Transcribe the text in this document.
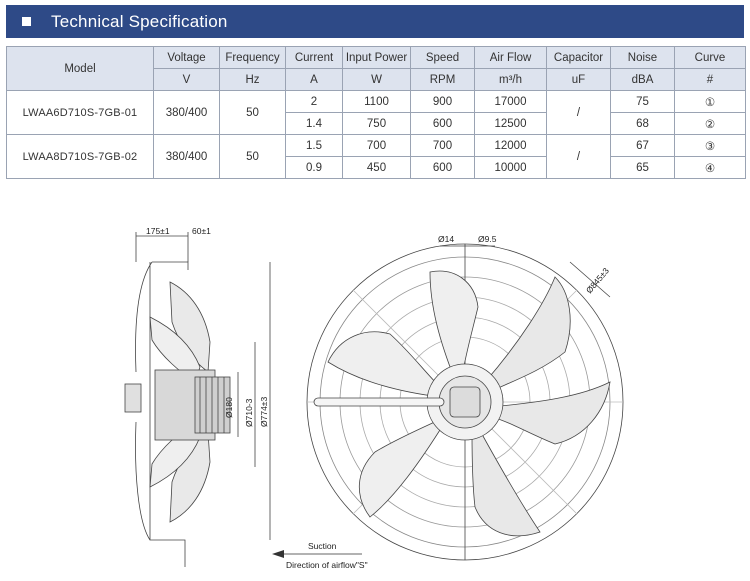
Technical Specification
Model	Voltage	Frequency	Current	Input Power	Speed	Air Flow	Capacitor	Noise	Curve
	V	Hz	A	W	RPM	m³/h	uF	dBA	#
LWAA6D710S-7GB-01	380/400	50	2	1100	900	17000	/	75	①
			1.4	750	600	12500		68	②
LWAA8D710S-7GB-02	380/400	50	1.5	700	700	12000	/	67	③
			0.9	450	600	10000		65	④
175±1	60±1
Ø180 Ø710-3 Ø774±3
Ø14	Ø9.5
Ø845±3
Suction
Direction of airflow"S"
